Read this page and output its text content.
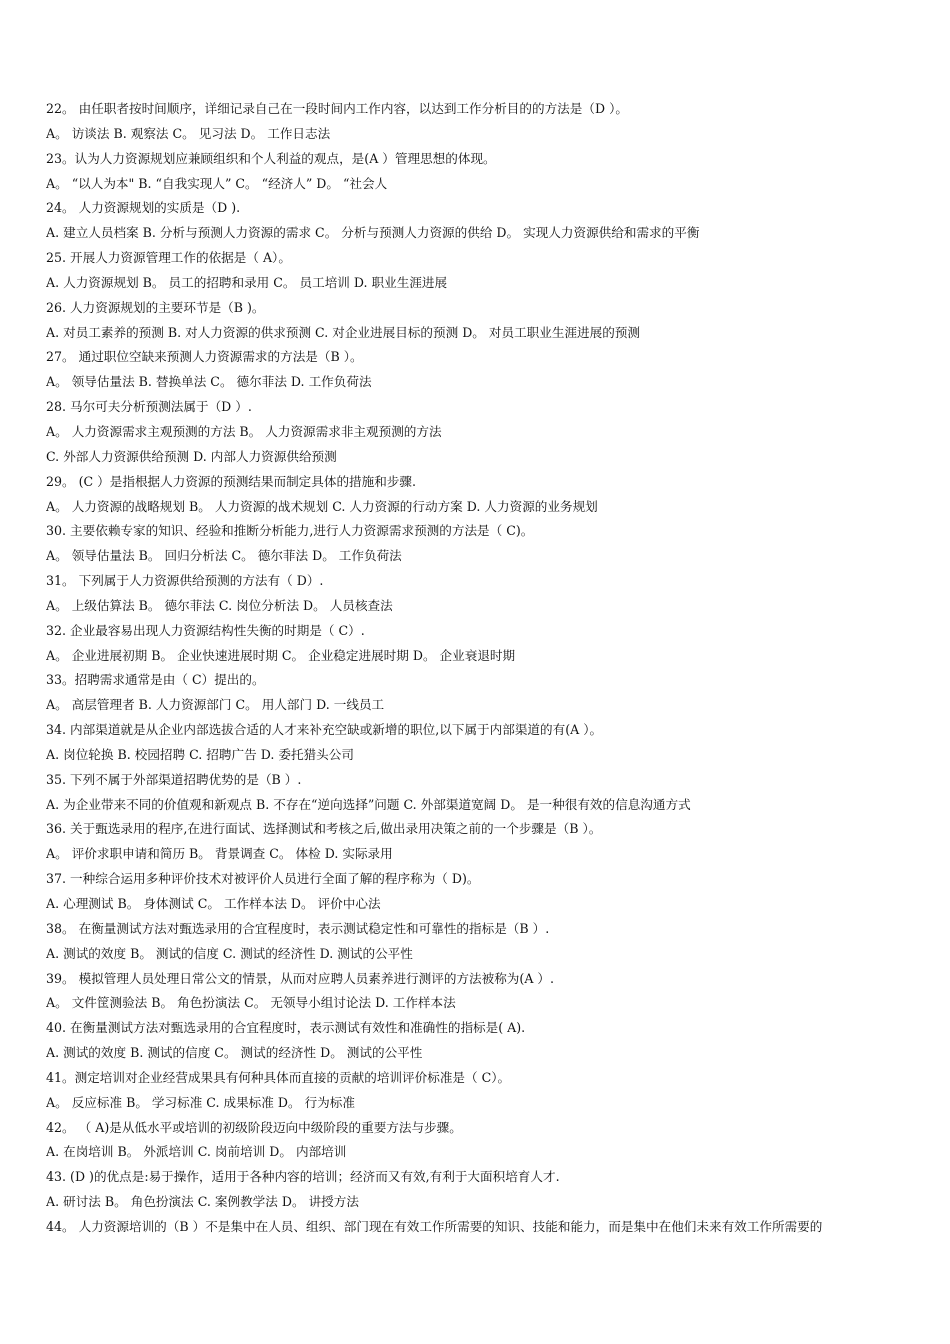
22。 由任职者按时间顺序，详细记录自己在一段时间内工作内容，以达到工作分析目的的方法是（D ）。
A。 访谈法 B. 观察法 C。 见习法 D。 工作日志法
23。认为人力资源规划应兼顾组织和个人利益的观点，是(A ）管理思想的体现。
A。 “以人为本" B. “自我实现人” C。 “经济人” D。 “社会人
24。 人力资源规划的实质是（D ).
A. 建立人员档案 B. 分析与预测人力资源的需求 C。 分析与预测人力资源的供给 D。 实现人力资源供给和需求的平衡
25. 开展人力资源管理工作的依据是（ A）。
A. 人力资源规划 B。 员工的招聘和录用 C。 员工培训 D. 职业生涯进展
26. 人力资源规划的主要环节是（B )。
A. 对员工素养的预测 B. 对人力资源的供求预测 C. 对企业进展目标的预测 D。 对员工职业生涯进展的预测
27。 通过职位空缺来预测人力资源需求的方法是（B ）。
A。 领导估量法 B. 替换单法 C。 德尔菲法 D. 工作负荷法
28. 马尔可夫分析预测法属于（D ）.
A。 人力资源需求主观预测的方法 B。 人力资源需求非主观预测的方法
C. 外部人力资源供给预测 D. 内部人力资源供给预测
29。 (C ）是指根据人力资源的预测结果而制定具体的措施和步骤.
A。 人力资源的战略规划 B。 人力资源的战术规划 C. 人力资源的行动方案 D. 人力资源的业务规划
30. 主要依赖专家的知识、经验和推断分析能力,进行人力资源需求预测的方法是（ C)。
A。 领导估量法 B。 回归分析法 C。 德尔菲法 D。 工作负荷法
31。 下列属于人力资源供给预测的方法有（ D）.
A。 上级估算法 B。 德尔菲法 C. 岗位分析法 D。 人员核查法
32. 企业最容易出现人力资源结构性失衡的时期是（ C）.
A。 企业进展初期 B。 企业快速进展时期 C。 企业稳定进展时期 D。 企业衰退时期
33。招聘需求通常是由（ C）提出的。
A。 高层管理者 B. 人力资源部门 C。 用人部门 D. 一线员工
34. 内部渠道就是从企业内部选拔合适的人才来补充空缺或新增的职位,以下属于内部渠道的有(A ）。
A. 岗位轮换 B. 校园招聘 C. 招聘广告 D. 委托猎头公司
35. 下列不属于外部渠道招聘优势的是（B ）.
A. 为企业带来不同的价值观和新观点 B. 不存在“逆向选择”问题 C. 外部渠道宽阔 D。 是一种很有效的信息沟通方式
36. 关于甄选录用的程序,在进行面试、选择测试和考核之后,做出录用决策之前的一个步骤是（B ）。
A。 评价求职申请和简历 B。 背景调查 C。 体检 D. 实际录用
37. 一种综合运用多种评价技术对被评价人员进行全面了解的程序称为（ D)。
A. 心理测试 B。 身体测试 C。 工作样本法 D。 评价中心法
38。 在衡量测试方法对甄选录用的合宜程度时，表示测试稳定性和可靠性的指标是（B ）.
A. 测试的效度 B。 测试的信度 C. 测试的经济性 D. 测试的公平性
39。 模拟管理人员处理日常公文的情景，从而对应聘人员素养进行测评的方法被称为(A ）.
A。 文件筐测验法 B。 角色扮演法 C。 无领导小组讨论法 D. 工作样本法
40. 在衡量测试方法对甄选录用的合宜程度时，表示测试有效性和准确性的指标是( A).
A. 测试的效度 B. 测试的信度 C。 测试的经济性 D。 测试的公平性
41。测定培训对企业经营成果具有何种具体而直接的贡献的培训评价标准是（ C）。
A。 反应标准 B。 学习标准 C. 成果标准 D。 行为标准
42。 （ A)是从低水平或培训的初级阶段迈向中级阶段的重要方法与步骤。
A. 在岗培训 B。 外派培训 C. 岗前培训 D。 内部培训
43. (D )的优点是:易于操作，适用于各种内容的培训；经济而又有效,有利于大面积培育人才.
A. 研讨法 B。 角色扮演法 C. 案例教学法 D。 讲授方法
44。 人力资源培训的（B ）不是集中在人员、组织、部门现在有效工作所需要的知识、技能和能力，而是集中在他们未来有效工作所需要的
